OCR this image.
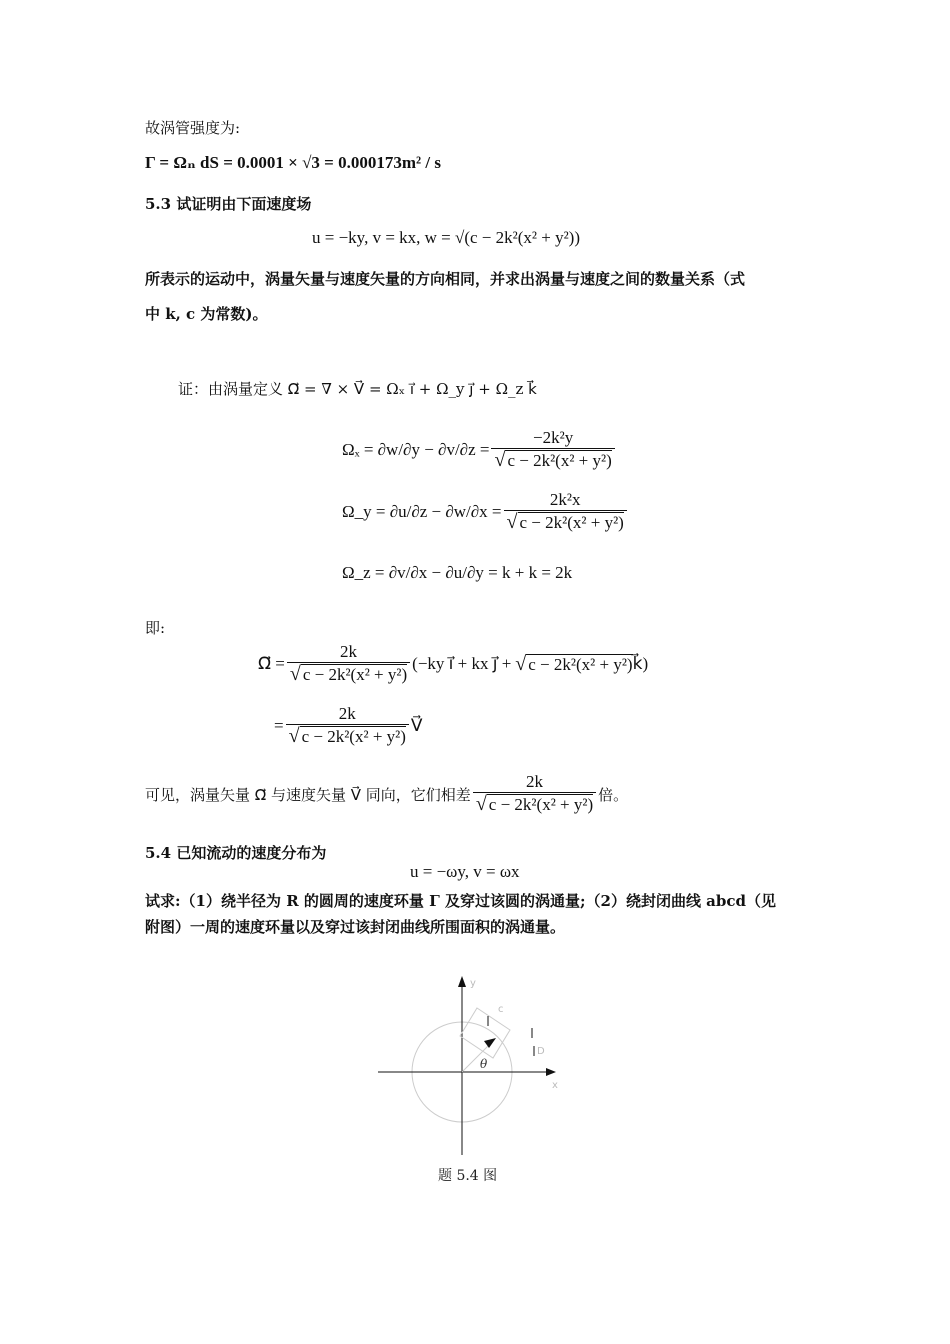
故涡管强度为:
Γ = Ωₙ dS = 0.0001 × √3 = 0.000173m² / s
5.3 试证明由下面速度场
u = −ky, v = kx, w = √(c − 2k²(x² + y²))
所表示的运动中，涡量矢量与速度矢量的方向相同，并求出涡量与速度之间的数量关系（式
中 k, c 为常数)。
证：由涡量定义 Ω⃗ = ∇ × V⃗ = Ωₓ i⃗ + Ω_y j⃗ + Ω_z k⃗
$\Omega_x = \partial w/\partial y - \partial v/\partial z = \frac{\text{−2k²y}}{\text{√ c − 2k²(x² + y²)}}$
Ω_y = $\partial u/\partial z - \partial w/\partial x = \frac{\text{2k²x}}{\text{√ c − 2k²(x² + y²)}}$
Ω_z = ∂v/∂x − ∂u/∂y = k + k = 2k
即:
Ω⃗ = $\frac{2k}{\text{√ c − 2k²(x² + y²)}} (-ky$ i⃗ + kx j⃗ + √ c − 2k²(x² + y²) k⃗)
= $\frac{2k}{\text{√ c − 2k²(x² + y²)}}$ V⃗
可见，涡量矢量 Ω⃗ 与速度矢量 V⃗ 同向，它们相差 $\frac{2k}{\text{√ c − 2k²(x² + y²)}}$ 倍。
5.4 已知流动的速度分布为
u = −ωy, v = ωx
试求:（1）绕半径为 R 的圆周的速度环量 Γ 及穿过该圆的涡通量;（2）绕封闭曲线 abcd（见
附图）一周的速度环量以及穿过该封闭曲线所围面积的涡通量。
θ
y
x
c
D
题 5.4 图
